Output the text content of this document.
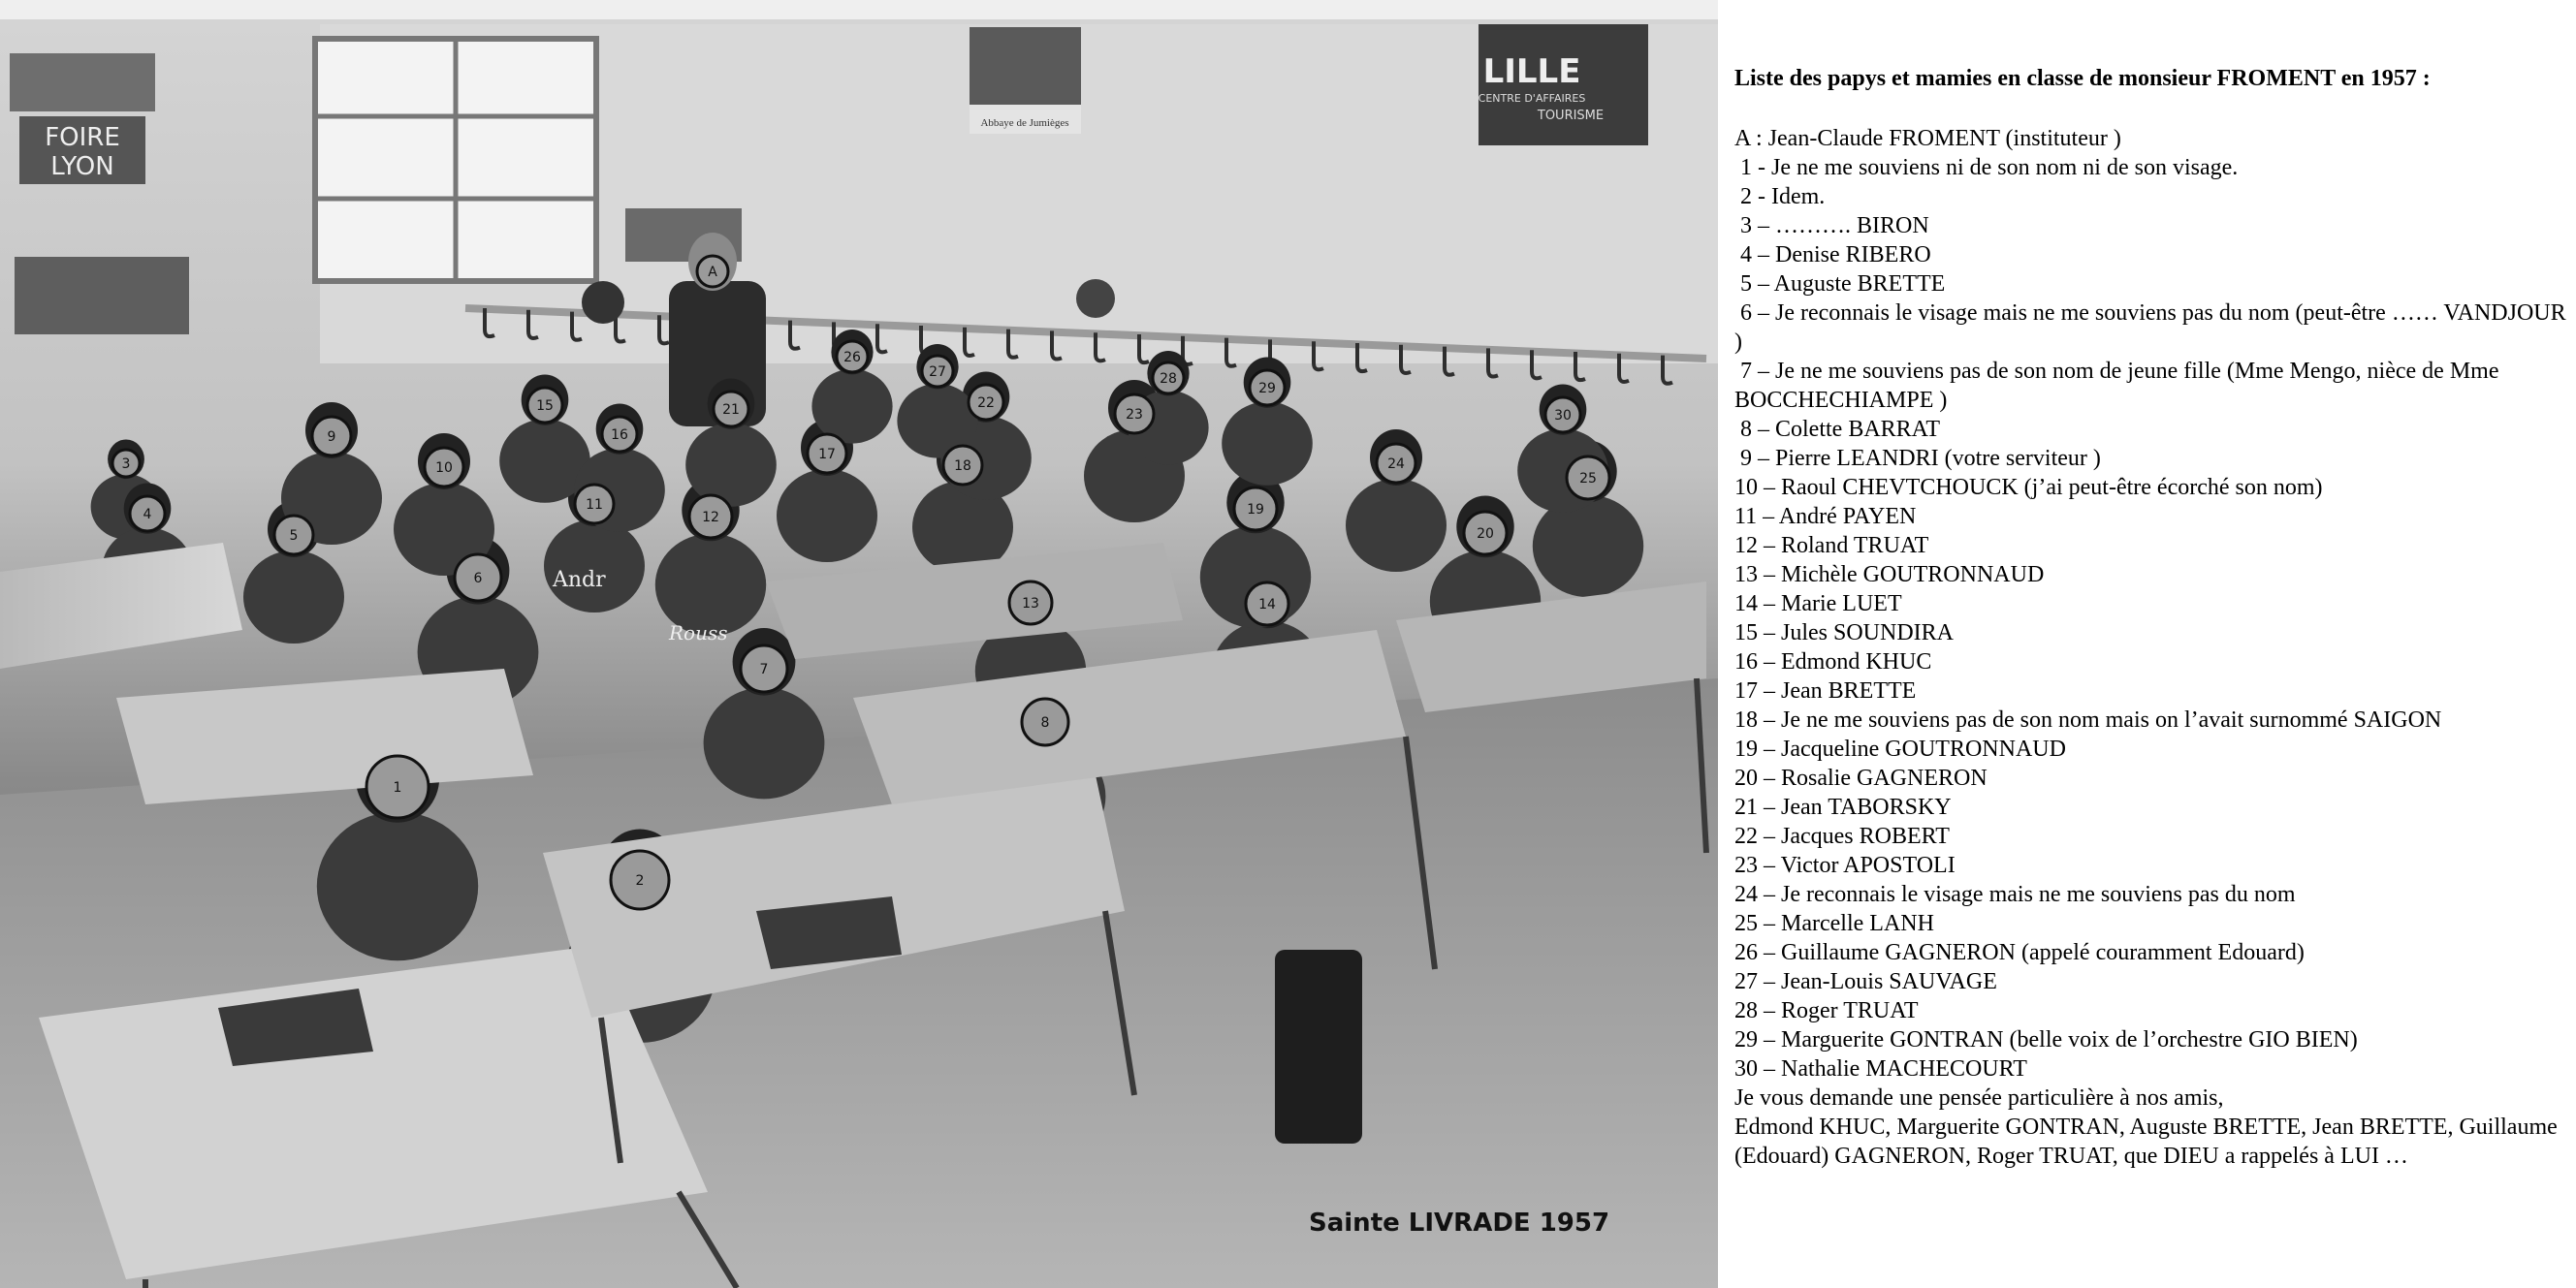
FOIRE
LYON
Abbaye de Jumièges
LILLE
CENTRE D'AFFAIRES
TOURISME
Andr
Rouss
A
1
2
3
4
5
6
7
8
9
10
11
12
13	14
15
16
17
18
19
20
21	22
23
24
25
26
27	28
29
30
Sainte LIVRADE 1957
Liste des papys et mamies en classe de monsieur FROMENT en 1957 :
A : Jean-Claude FROMENT (instituteur )
1 - Je ne me souviens ni de son nom ni de son visage.
2 - Idem.
3 – ………. BIRON
4 – Denise RIBERO
5 – Auguste BRETTE
6 – Je reconnais le visage mais ne me souviens pas du nom (peut-être …… VANDJOUR )
7 – Je ne me souviens pas de son nom de jeune fille (Mme Mengo, nièce de Mme BOCCHECHIAMPE )
8 – Colette BARRAT
9 – Pierre LEANDRI (votre serviteur )
10 – Raoul CHEVTCHOUCK (j’ai peut-être écorché son nom)
11 – André PAYEN
12 – Roland TRUAT
13 – Michèle GOUTRONNAUD
14 – Marie LUET
15 – Jules SOUNDIRA
16 – Edmond KHUC
17 – Jean BRETTE
18 – Je ne me souviens pas de son nom mais on l’avait surnommé SAIGON
19 – Jacqueline GOUTRONNAUD
20 – Rosalie GAGNERON
21 – Jean TABORSKY
22 – Jacques ROBERT
23 – Victor APOSTOLI
24 – Je reconnais le visage mais ne me souviens pas du nom
25 – Marcelle LANH
26 – Guillaume GAGNERON (appelé couramment Edouard)
27 – Jean-Louis SAUVAGE
28 – Roger TRUAT
29 – Marguerite GONTRAN (belle voix de l’orchestre GIO BIEN)
30 – Nathalie MACHECOURT
Je vous demande une pensée particulière à nos amis,
Edmond KHUC, Marguerite GONTRAN, Auguste BRETTE, Jean BRETTE, Guillaume (Edouard) GAGNERON, Roger TRUAT, que DIEU a rappelés à LUI …
